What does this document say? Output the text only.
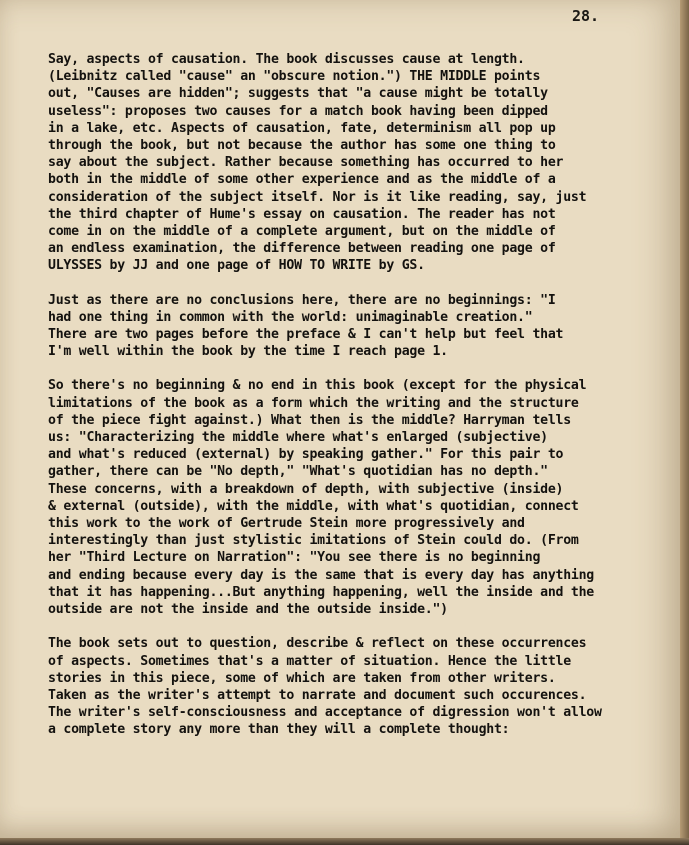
28.
Say, aspects of causation. The book discusses cause at length.
(Leibnitz called "cause" an "obscure notion.") THE MIDDLE points
out, "Causes are hidden"; suggests that "a cause might be totally
useless": proposes two causes for a match book having been dipped
in a lake, etc. Aspects of causation, fate, determinism all pop up
through the book, but not because the author has some one thing to
say about the subject. Rather because something has occurred to her
both in the middle of some other experience and as the middle of a
consideration of the subject itself. Nor is it like reading, say, just
the third chapter of Hume's essay on causation. The reader has not
come in on the middle of a complete argument, but on the middle of
an endless examination, the difference between reading one page of
ULYSSES by JJ and one page of HOW TO WRITE by GS.
Just as there are no conclusions here, there are no beginnings: "I
had one thing in common with the world: unimaginable creation."
There are two pages before the preface & I can't help but feel that
I'm well within the book by the time I reach page 1.
So there's no beginning & no end in this book (except for the physical
limitations of the book as a form which the writing and the structure
of the piece fight against.) What then is the middle? Harryman tells
us: "Characterizing the middle where what's enlarged (subjective)
and what's reduced (external) by speaking gather." For this pair to
gather, there can be "No depth," "What's quotidian has no depth."
These concerns, with a breakdown of depth, with subjective (inside)
& external (outside), with the middle, with what's quotidian, connect
this work to the work of Gertrude Stein more progressively and
interestingly than just stylistic imitations of Stein could do. (From
her "Third Lecture on Narration": "You see there is no beginning
and ending because every day is the same that is every day has anything
that it has happening...But anything happening, well the inside and the
outside are not the inside and the outside inside.")
The book sets out to question, describe & reflect on these occurrences
of aspects. Sometimes that's a matter of situation. Hence the little
stories in this piece, some of which are taken from other writers.
Taken as the writer's attempt to narrate and document such occurences.
The writer's self-consciousness and acceptance of digression won't allow
a complete story any more than they will a complete thought:
